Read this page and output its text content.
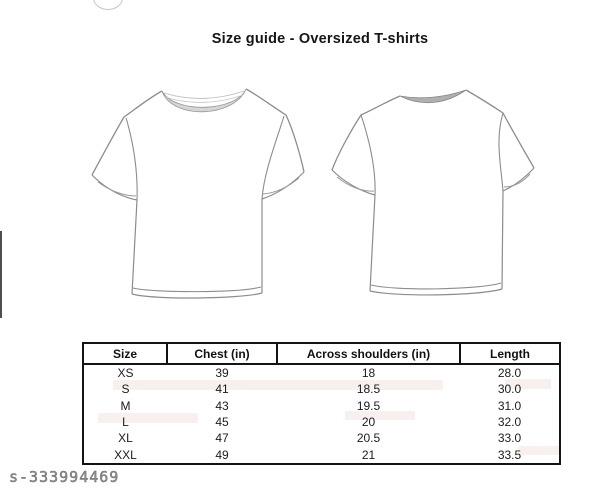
Size guide - Oversized T-shirts
Size	Chest (in)	Across shoulders (in)	Length
XS	39	18	28.0
S	41	18.5	30.0
M	43	19.5	31.0
L	45	20	32.0
XL	47	20.5	33.0
XXL	49	21	33.5
s-333994469
